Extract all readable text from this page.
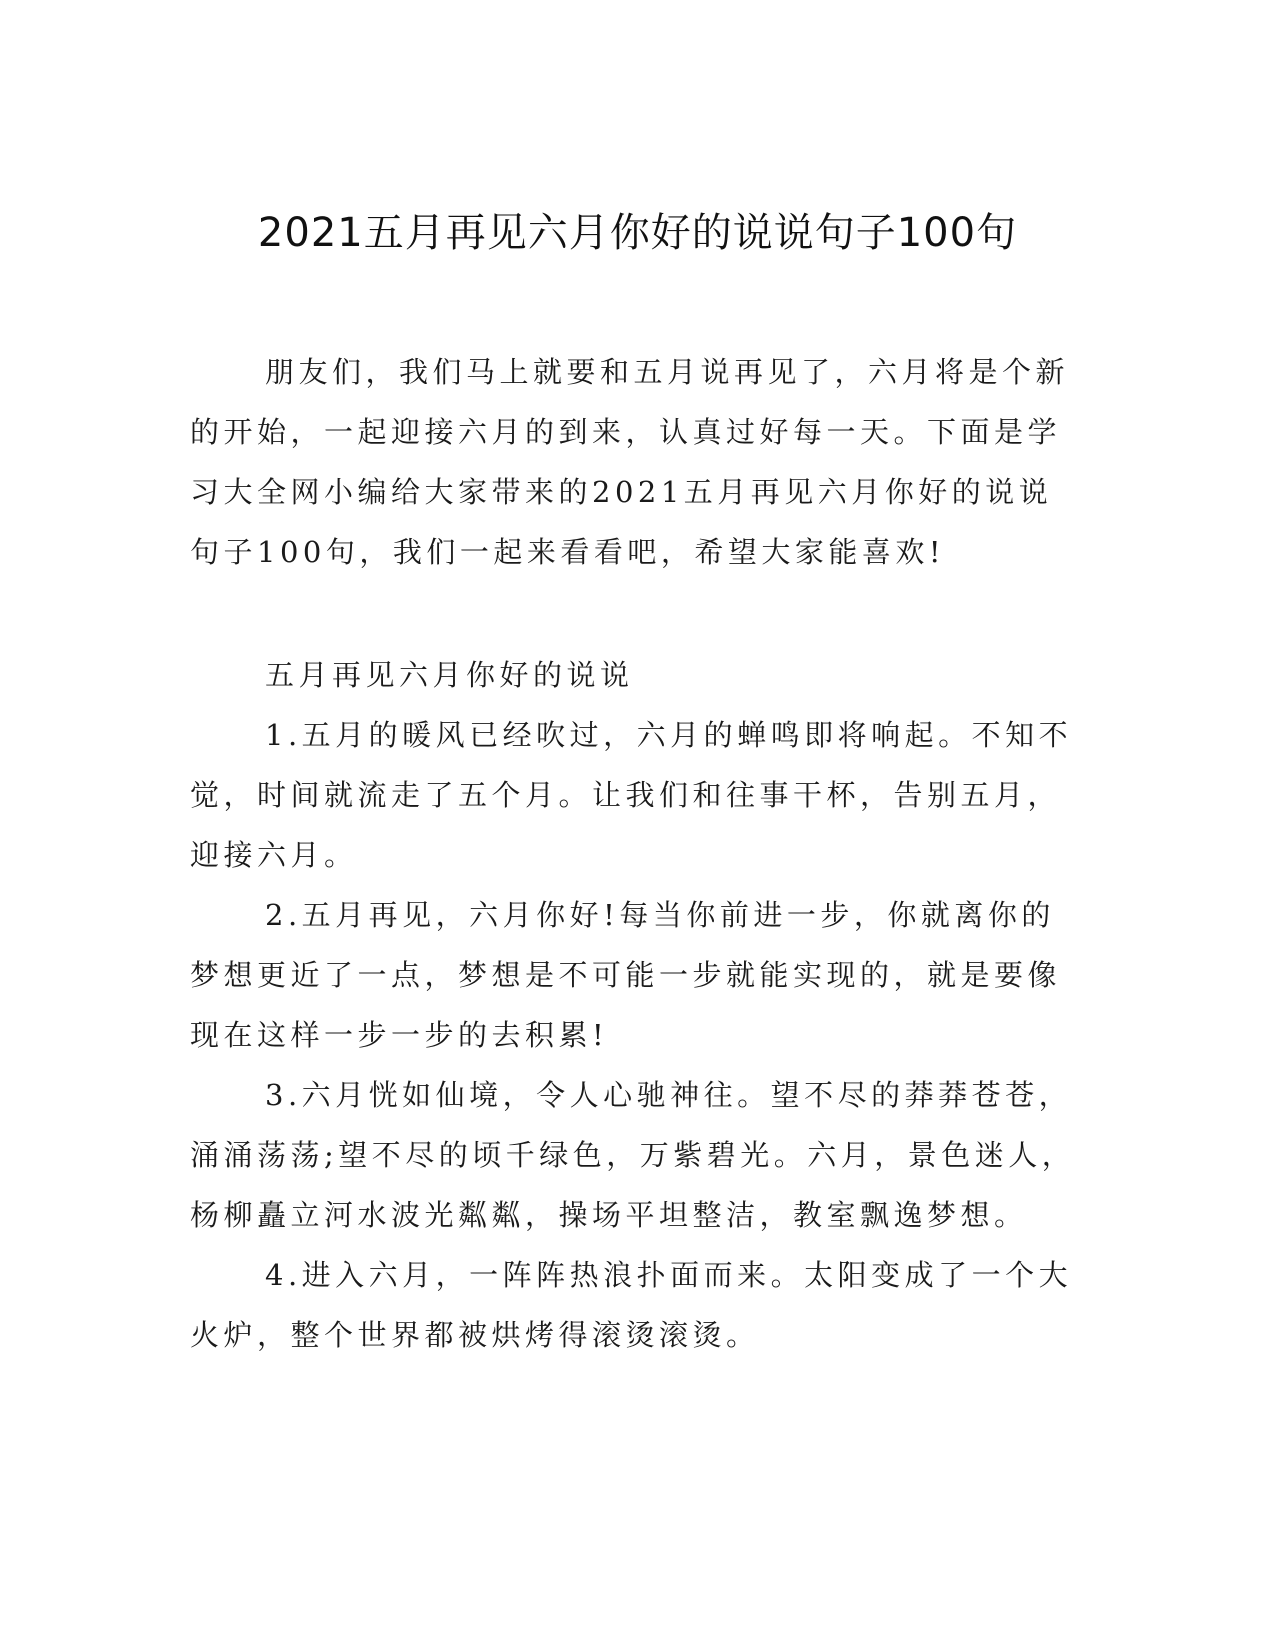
2021五月再见六月你好的说说句子100句

朋友们，我们马上就要和五月说再见了，六月将是个新的开始，一起迎接六月的到来，认真过好每一天。下面是学习大全网小编给大家带来的2021五月再见六月你好的说说句子100句，我们一起来看看吧，希望大家能喜欢!

五月再见六月你好的说说

1.五月的暖风已经吹过，六月的蝉鸣即将响起。不知不觉，时间就流走了五个月。让我们和往事干杯，告别五月，迎接六月。

2.五月再见，六月你好!每当你前进一步，你就离你的梦想更近了一点，梦想是不可能一步就能实现的，就是要像现在这样一步一步的去积累!

3.六月恍如仙境，令人心驰神往。望不尽的莽莽苍苍，涌涌荡荡;望不尽的顷千绿色，万紫碧光。六月，景色迷人，杨柳矗立河水波光粼粼，操场平坦整洁，教室飘逸梦想。

4.进入六月，一阵阵热浪扑面而来。太阳变成了一个大火炉，整个世界都被烘烤得滚烫滚烫。
